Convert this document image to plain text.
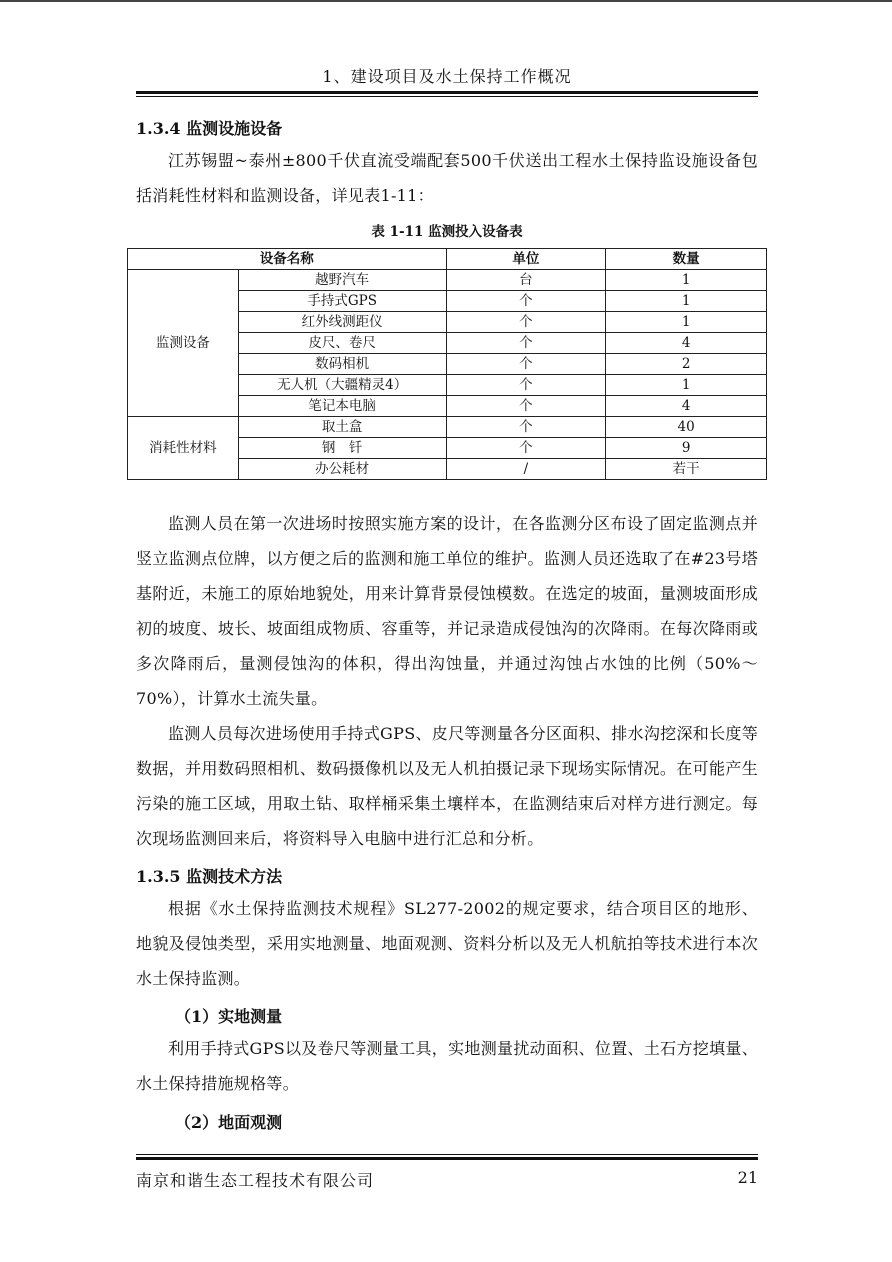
1、建设项目及水土保持工作概况
1.3.4 监测设施设备

江苏锡盟~泰州±800千伏直流受端配套500千伏送出工程水土保持监设施设备包括消耗性材料和监测设备，详见表1-11：

表 1-11 监测投入设备表
设备名称		单位	数量
监测设备	越野汽车	台	1
	手持式GPS	个	1
	红外线测距仪	个	1
	皮尺、卷尺	个	4
	数码相机	个	2
	无人机（大疆精灵4）	个	1
	笔记本电脑	个	4
消耗性材料	取土盒	个	40
	钢　钎	个	9
	办公耗材	/	若干

监测人员在第一次进场时按照实施方案的设计，在各监测分区布设了固定监测点并竖立监测点位牌，以方便之后的监测和施工单位的维护。监测人员还选取了在#23号塔基附近，未施工的原始地貌处，用来计算背景侵蚀模数。在选定的坡面，量测坡面形成初的坡度、坡长、坡面组成物质、容重等，并记录造成侵蚀沟的次降雨。在每次降雨或多次降雨后，量测侵蚀沟的体积，得出沟蚀量，并通过沟蚀占水蚀的比例（50%～70%），计算水土流失量。

监测人员每次进场使用手持式GPS、皮尺等测量各分区面积、排水沟挖深和长度等数据，并用数码照相机、数码摄像机以及无人机拍摄记录下现场实际情况。在可能产生污染的施工区域，用取土钻、取样桶采集土壤样本，在监测结束后对样方进行测定。每次现场监测回来后，将资料导入电脑中进行汇总和分析。

1.3.5 监测技术方法

根据《水土保持监测技术规程》SL277-2002的规定要求，结合项目区的地形、地貌及侵蚀类型，采用实地测量、地面观测、资料分析以及无人机航拍等技术进行本次水土保持监测。

（1）实地测量

利用手持式GPS以及卷尺等测量工具，实地测量扰动面积、位置、土石方挖填量、水土保持措施规格等。

（2）地面观测
南京和谐生态工程技术有限公司	21
